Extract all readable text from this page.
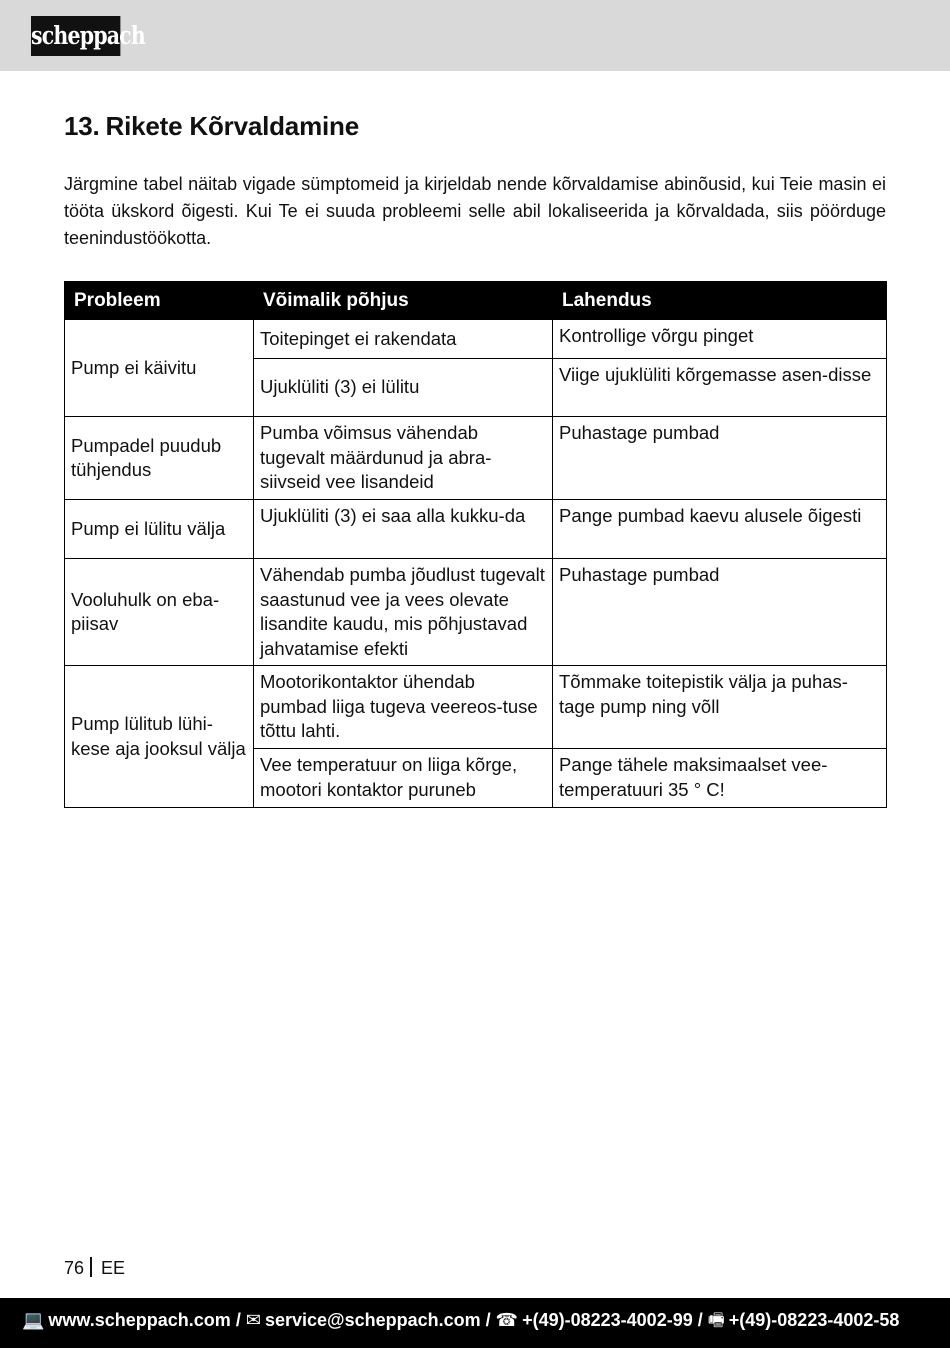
scheppach
13. Rikete Kõrvaldamine

Järgmine tabel näitab vigade sümptomeid ja kirjeldab nende kõrvaldamise abinõusid, kui Teie masin ei tööta ükskord õigesti. Kui Te ei suuda probleemi selle abil lokaliseerida ja kõrvaldada, siis pöörduge teenindustöökotta.

Probleem	Võimalik põhjus	Lahendus
Pump ei käivitu	Toitepinget ei rakendata	Kontrollige võrgu pinget
	Ujuklüliti (3) ei lülitu	Viige ujuklüliti kõrgemasse asen-disse
Pumpadel puudub tühjendus	Pumba võimsus vähendab tugevalt määrdunud ja abra-siivseid vee lisandeid	Puhastage pumbad
Pump ei lülitu välja	Ujuklüliti (3) ei saa alla kukku-da	Pange pumbad kaevu alusele õigesti
Vooluhulk on eba-piisav	Vähendab pumba jõudlust tugevalt saastunud vee ja vees olevate lisandite kaudu, mis põhjustavad jahvatamise efekti	Puhastage pumbad
Pump lülitub lühi-kese aja jooksul välja	Mootorikontaktor ühendab pumbad liiga tugeva veereos-tuse tõttu lahti.	Tõmmake toitepistik välja ja puhas-tage pump ning võll
	Vee temperatuur on liiga kõrge, mootori kontaktor puruneb	Pange tähele maksimaalset vee-temperatuuri 35 ° C!
76 EE
💻 www.scheppach.com / ✉ service@scheppach.com / ☎ +(49)-08223-4002-99 / 🖷 +(49)-08223-4002-58
